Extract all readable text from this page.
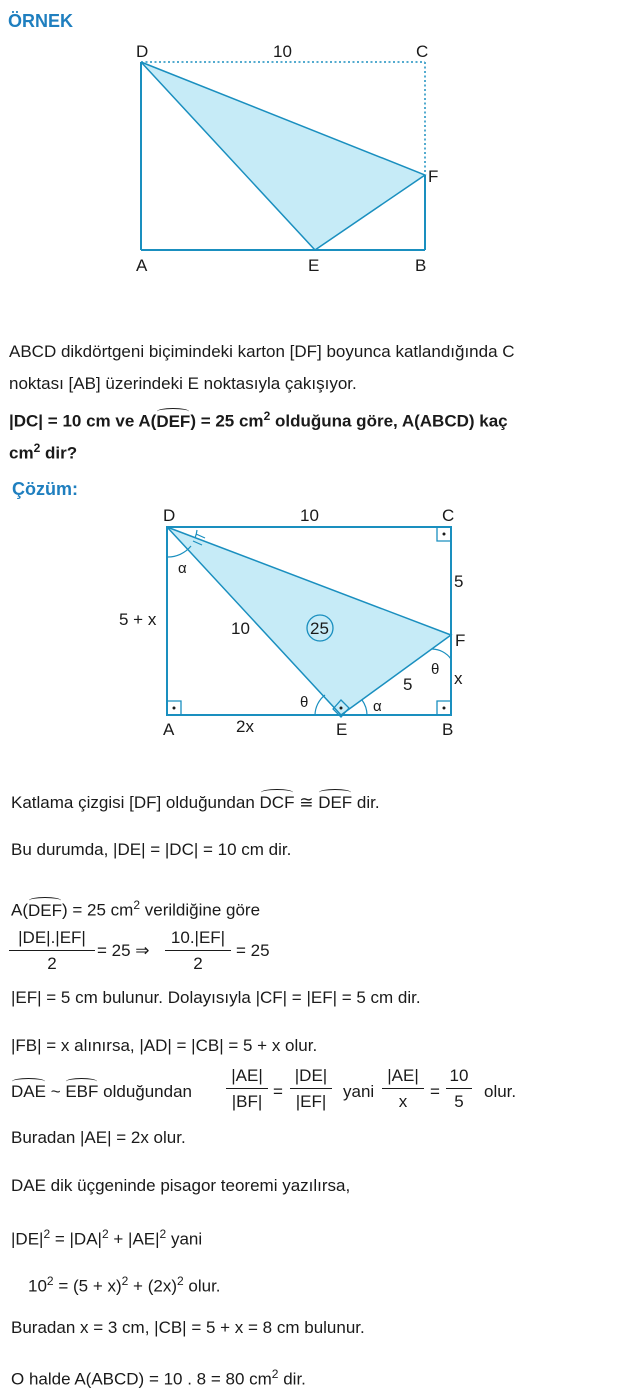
ÖRNEK
D	10	C
F
A	E	B
ABCD dikdörtgeni biçimindeki karton [DF] boyunca katlandığında C
noktası [AB] üzerindeki E noktasıyla çakışıyor.
|DC| = 10 cm ve A(DEF) = 25 $cm^2$ olduğuna göre, A(ABCD) kaç
$cm^2$ dir?
Çözüm:
D	10	C
5
F
x
θ
5
5 + x
α
10	25
θ	α
A	2x	E	B
Katlama çizgisi [DF] olduğundan DCF ≅ DEF dir.
Bu durumda, |DE| = |DC| = 10 cm dir.
A(DEF) = 25 $cm^2$ verildiğine göre
$\frac{|DE|.|EF|}{2} = 25$ ⇒ $\frac{10.|EF|}{2} = 25$
|EF| = 5 cm bulunur. Dolayısıyla |CF| = |EF| = 5 cm dir.
|FB| = x alınırsa, |AD| = |CB| = 5 + x olur.
DAE ~ EBF olduğundan $\frac{|AE|}{|BF|} = \frac{|DE|}{|EF|}$ yani $\frac{|AE|}{x} = \frac{10}{5}$ olur.
Buradan |AE| = 2x olur.
DAE dik üçgeninde pisagor teoremi yazılırsa,
$|DE|^2 = |DA|^2 + |AE|^2$ yani
$10^2 = (5 + x)^2 + (2x)^2$ olur.
Buradan x = 3 cm, |CB| = 5 + x = 8 cm bulunur.
O halde A(ABCD) = 10 . 8 = 80 $cm^2$ dir.
